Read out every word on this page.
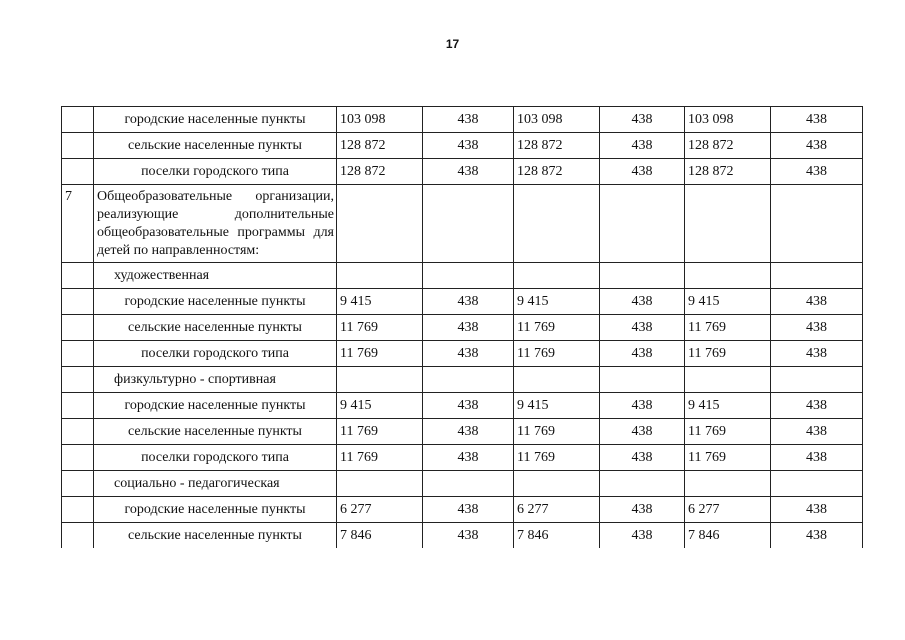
17
	городские населенные пункты	103 098	438	103 098	438	103 098	438
	сельские населенные пункты	128 872	438	128 872	438	128 872	438
	поселки городского типа	128 872	438	128 872	438	128 872	438
7	Общеобразовательные организации, реализующие дополнительные общеобразовательные программы для детей по направленностям:						
	художественная						
	городские населенные пункты	9 415	438	9 415	438	9 415	438
	сельские населенные пункты	11 769	438	11 769	438	11 769	438
	поселки городского типа	11 769	438	11 769	438	11 769	438
	физкультурно - спортивная						
	городские населенные пункты	9 415	438	9 415	438	9 415	438
	сельские населенные пункты	11 769	438	11 769	438	11 769	438
	поселки городского типа	11 769	438	11 769	438	11 769	438
	социально - педагогическая						
	городские населенные пункты	6 277	438	6 277	438	6 277	438
	сельские населенные пункты	7 846	438	7 846	438	7 846	438
